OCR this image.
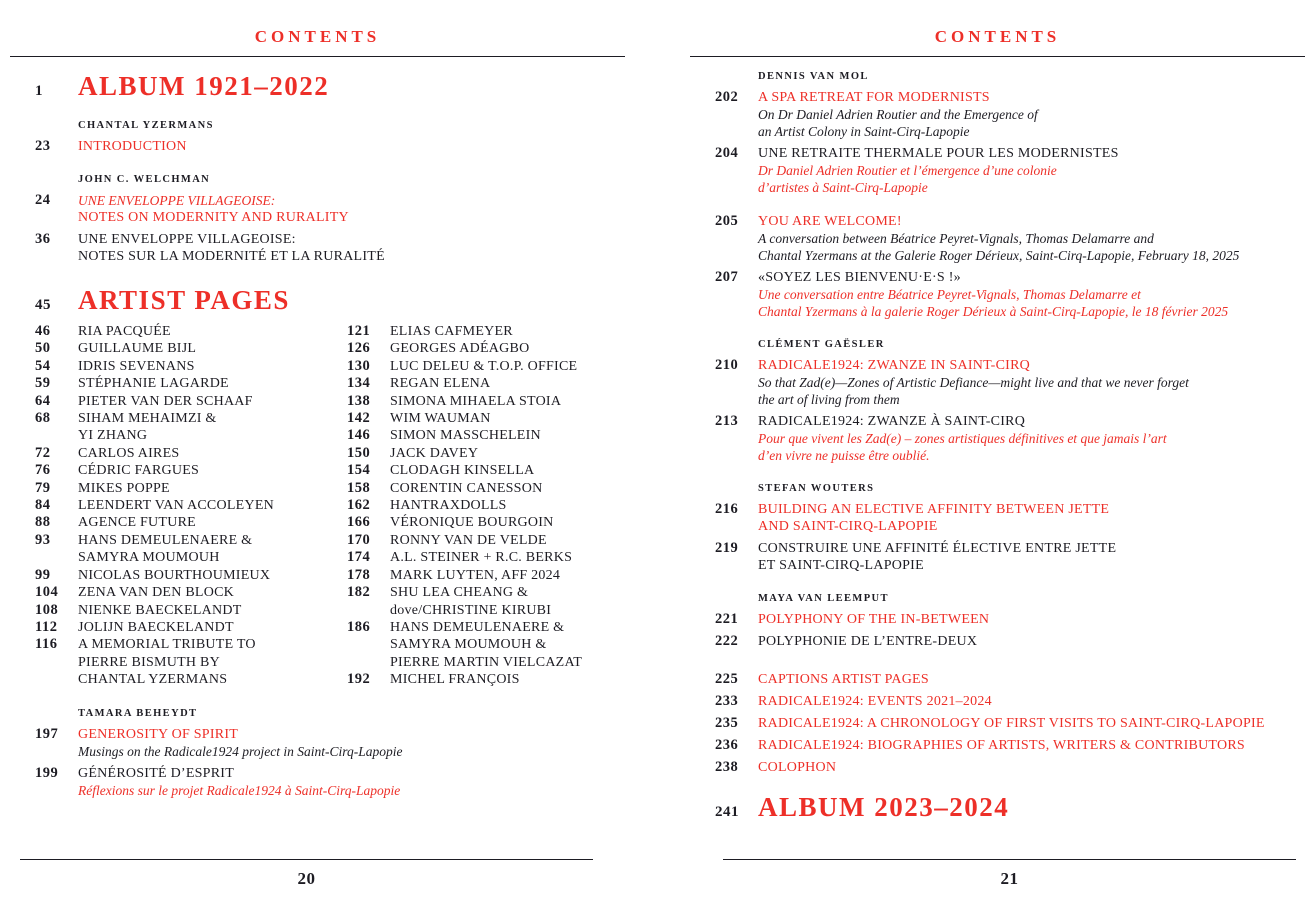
CONTENTS
1	ALBUM 1921–2022
CHANTAL YZERMANS
23	INTRODUCTION
JOHN C. WELCHMAN
24	UNE ENVELOPPE VILLAGEOISE:
NOTES ON MODERNITY AND RURALITY
36	UNE ENVELOPPE VILLAGEOISE:
NOTES SUR LA MODERNITÉ ET LA RURALITÉ
45	ARTIST PAGES
46	RIA PACQUÉE
50	GUILLAUME BIJL
54	IDRIS SEVENANS
59	STÉPHANIE LAGARDE
64	PIETER VAN DER SCHAAF
68	SIHAM MEHAIMZI &
YI ZHANG
72	CARLOS AIRES
76	CÉDRIC FARGUES
79	MIKES POPPE
84	LEENDERT VAN ACCOLEYEN
88	AGENCE FUTURE
93	HANS DEMEULENAERE &
SAMYRA MOUMOUH
99	NICOLAS BOURTHOUMIEUX
104	ZENA VAN DEN BLOCK
108	NIENKE BAECKELANDT
112	JOLIJN BAECKELANDT
116	A MEMORIAL TRIBUTE TO
PIERRE BISMUTH BY
CHANTAL YZERMANS
121	ELIAS CAFMEYER
126	GEORGES ADÉAGBO
130	LUC DELEU & T.O.P. OFFICE
134	REGAN ELENA
138	SIMONA MIHAELA STOIA
142	WIM WAUMAN
146	SIMON MASSCHELEIN
150	JACK DAVEY
154	CLODAGH KINSELLA
158	CORENTIN CANESSON
162	HANTRAXDOLLS
166	VÉRONIQUE BOURGOIN
170	RONNY VAN DE VELDE
174	A.L. STEINER + R.C. BERKS
178	MARK LUYTEN, AFF 2024
182	SHU LEA CHEANG &
dove/CHRISTINE KIRUBI
186	HANS DEMEULENAERE &
SAMYRA MOUMOUH &
PIERRE MARTIN VIELCAZAT
192	MICHEL FRANÇOIS
TAMARA BEHEYDT
197	GENEROSITY OF SPIRIT
Musings on the Radicale1924 project in Saint-Cirq-Lapopie
199	GÉNÉROSITÉ D’ESPRIT
Réflexions sur le projet Radicale1924 à Saint-Cirq-Lapopie
20
CONTENTS
DENNIS VAN MOL
202	A SPA RETREAT FOR MODERNISTS
On Dr Daniel Adrien Routier and the Emergence of
an Artist Colony in Saint-Cirq-Lapopie
204	UNE RETRAITE THERMALE POUR LES MODERNISTES
Dr Daniel Adrien Routier et l’émergence d’une colonie
d’artistes à Saint-Cirq-Lapopie
205	YOU ARE WELCOME!
A conversation between Béatrice Peyret-Vignals, Thomas Delamarre and
Chantal Yzermans at the Galerie Roger Dérieux, Saint-Cirq-Lapopie, February 18, 2025
207	«SOYEZ LES BIENVENU·E·S !»
Une conversation entre Béatrice Peyret-Vignals, Thomas Delamarre et
Chantal Yzermans à la galerie Roger Dérieux à Saint-Cirq-Lapopie, le 18 février 2025
CLÉMENT GAËSLER
210	RADICALE1924: ZWANZE IN SAINT-CIRQ
So that Zad(e)—Zones of Artistic Defiance—might live and that we never forget
the art of living from them
213	RADICALE1924: ZWANZE À SAINT-CIRQ
Pour que vivent les Zad(e) – zones artistiques définitives et que jamais l’art
d’en vivre ne puisse être oublié.
STEFAN WOUTERS
216	BUILDING AN ELECTIVE AFFINITY BETWEEN JETTE
AND SAINT-CIRQ-LAPOPIE
219	CONSTRUIRE UNE AFFINITÉ ÉLECTIVE ENTRE JETTE
ET SAINT-CIRQ-LAPOPIE
MAYA VAN LEEMPUT
221	POLYPHONY OF THE IN-BETWEEN
222	POLYPHONIE DE L’ENTRE-DEUX
225	CAPTIONS ARTIST PAGES
233	RADICALE1924: EVENTS 2021–2024
235	RADICALE1924: A CHRONOLOGY OF FIRST VISITS TO SAINT-CIRQ-LAPOPIE
236	RADICALE1924: BIOGRAPHIES OF ARTISTS, WRITERS & CONTRIBUTORS
238	COLOPHON
241 ALBUM 2023–2024
21
